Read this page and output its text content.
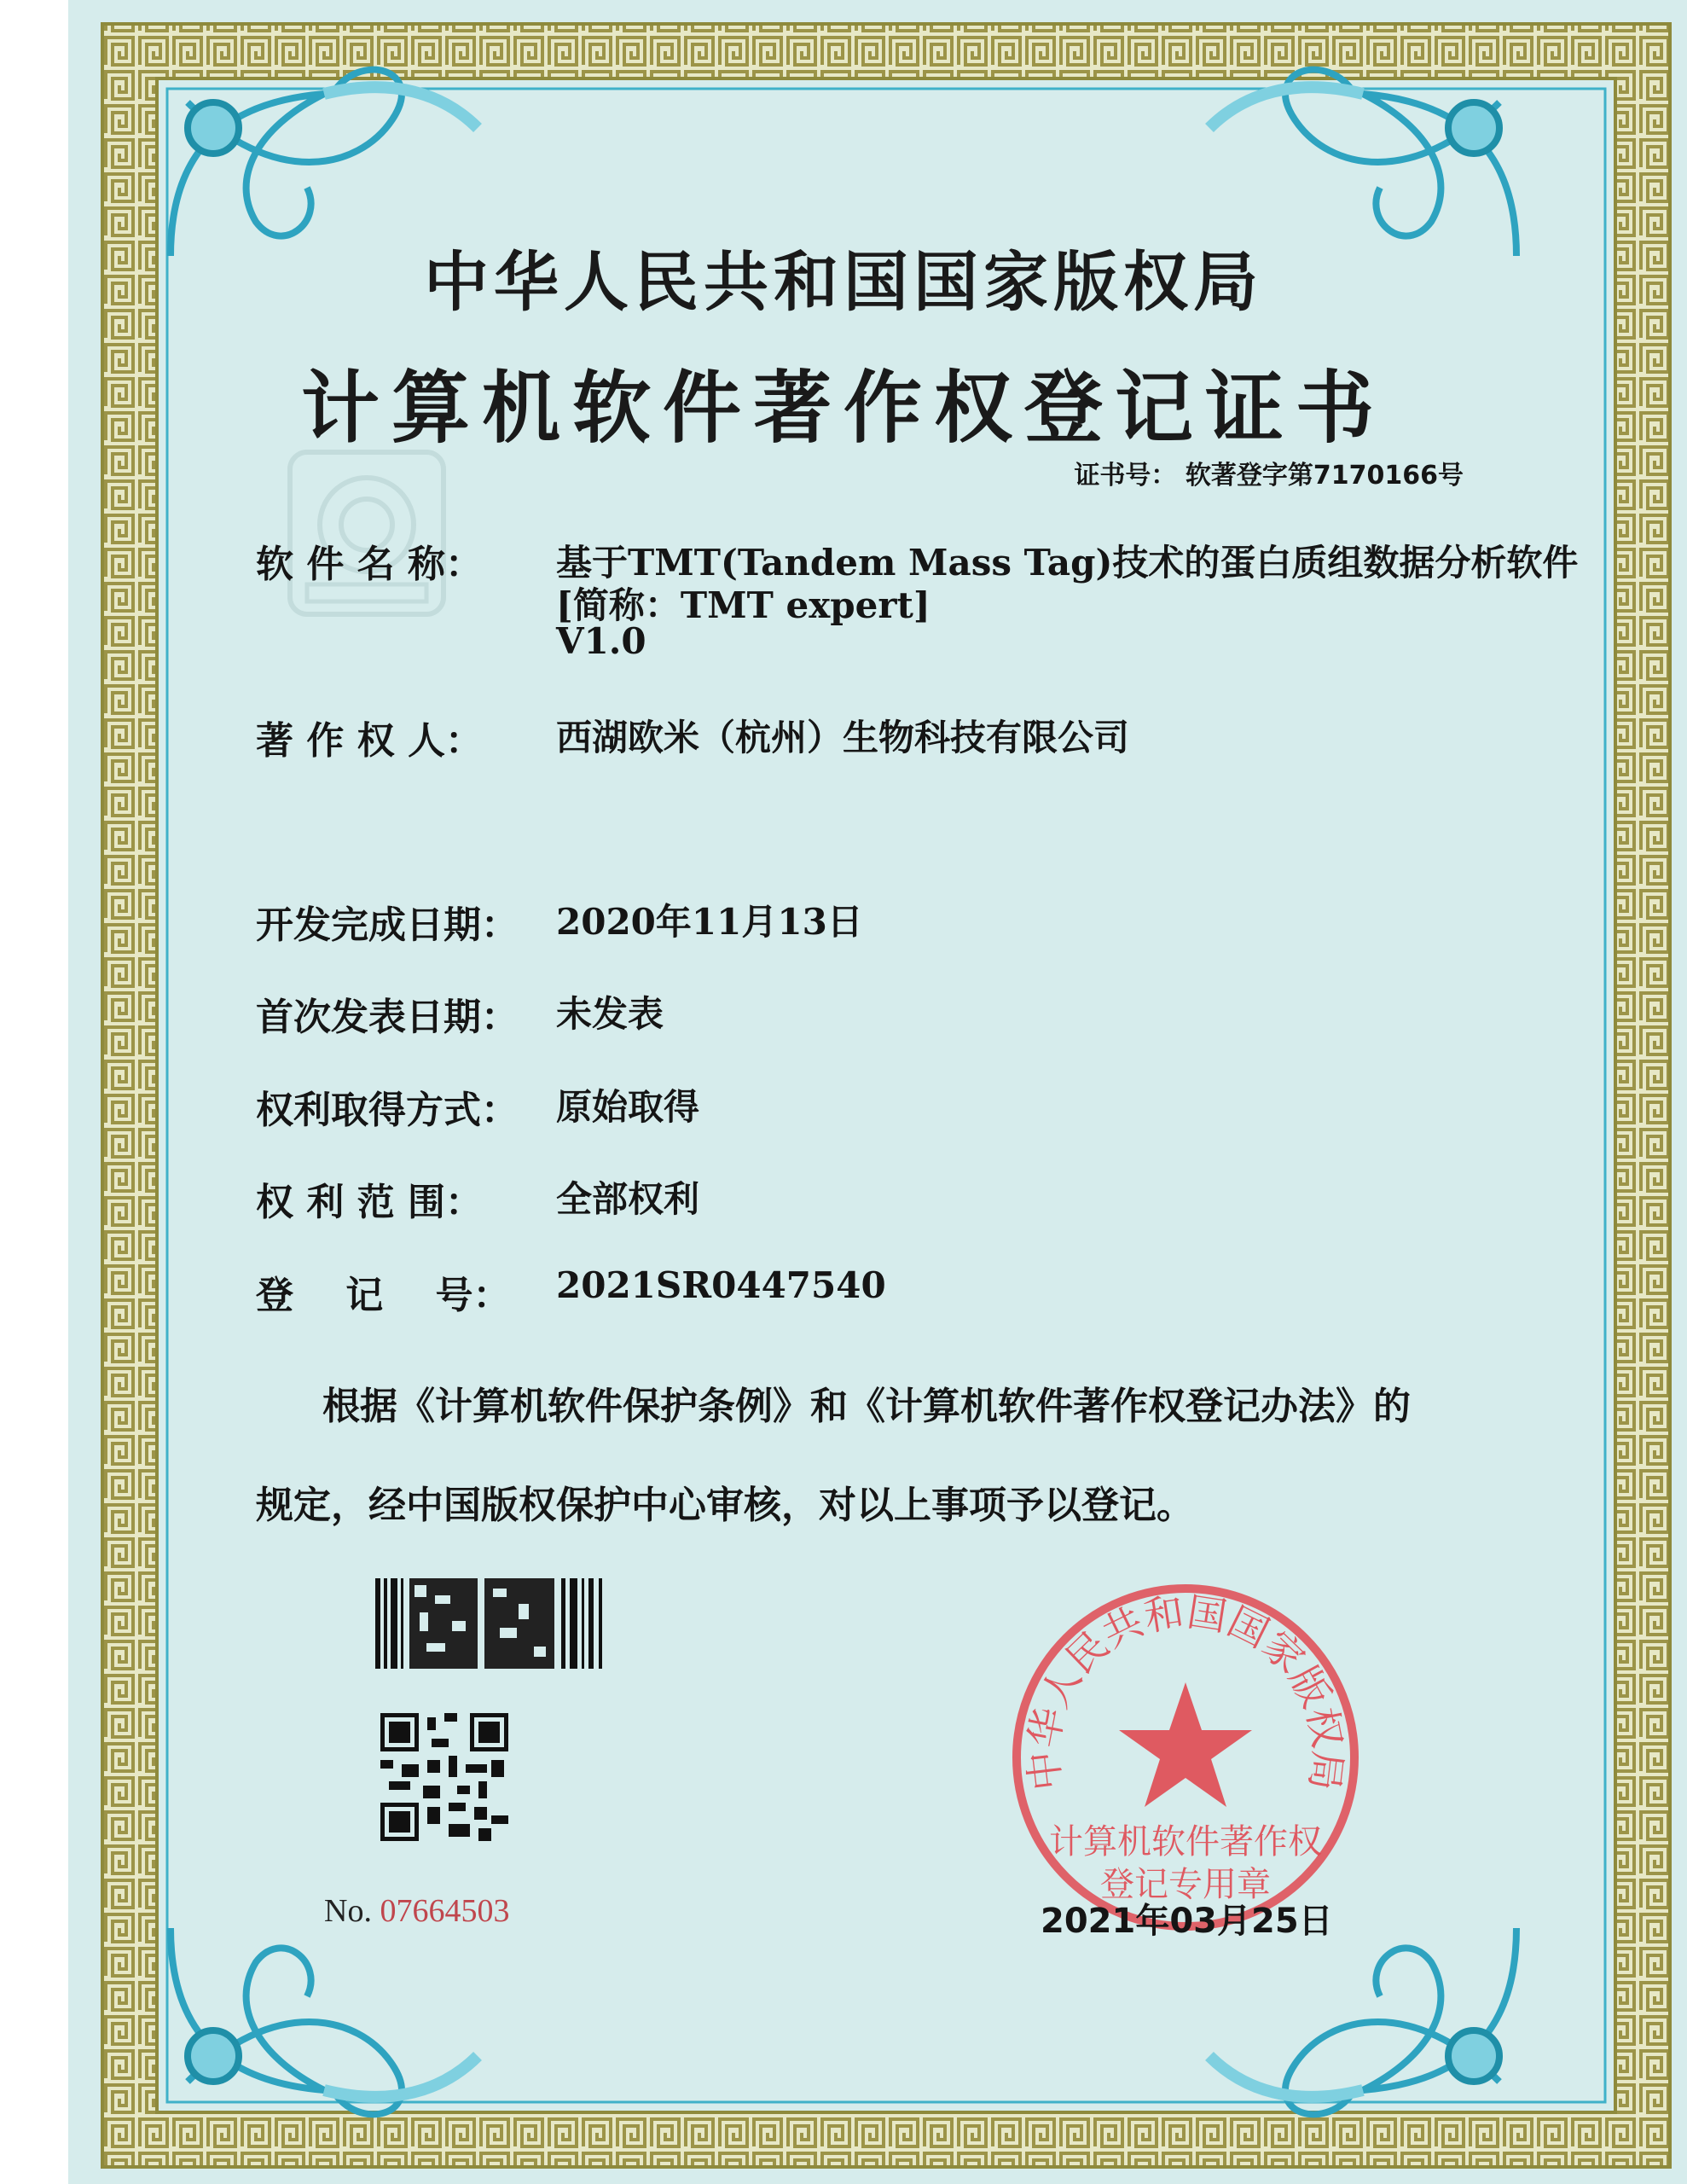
中华人民共和国国家版权局
计算机软件著作权登记证书
证书号： 软著登字第7170166号
软 件 名 称： 基于TMT(Tandem Mass Tag)技术的蛋白质组数据分析软件
[简称：TMT expert]
V1.0
著 作 权 人： 西湖欧米（杭州）生物科技有限公司
开发完成日期： 2020年11月13日
首次发表日期： 未发表
权利取得方式： 原始取得
权 利 范 围： 全部权利
登    记    号： 2021SR0447540
根据《计算机软件保护条例》和《计算机软件著作权登记办法》的
规定，经中国版权保护中心审核，对以上事项予以登记。
No. 07664503
中华人民共和国国家版权局
计算机软件著作权
登记专用章
2021年03月25日
